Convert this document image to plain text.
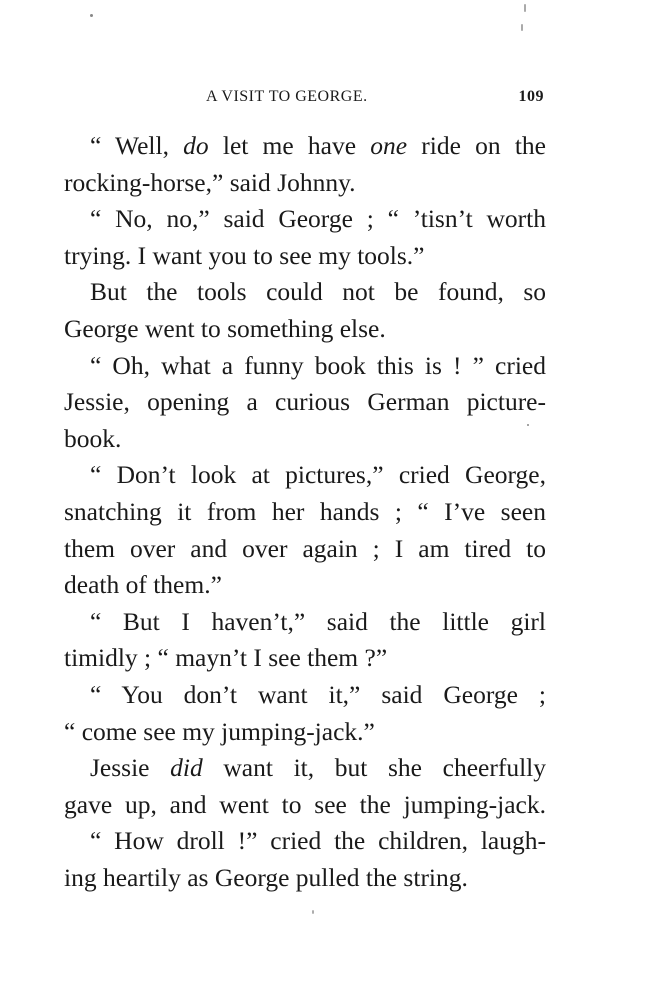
A VISIT TO GEORGE.	109
“ Well, do let me have one ride on the
rocking-horse,” said Johnny.
“ No, no,” said George ; “ ’tisn’t worth
trying. I want you to see my tools.”
But the tools could not be found, so
George went to something else.
“ Oh, what a funny book this is ! ” cried
Jessie, opening a curious German picture-
book.
“ Don’t look at pictures,” cried George,
snatching it from her hands ; “ I’ve seen
them over and over again ; I am tired to
death of them.”
“ But I haven’t,” said the little girl
timidly ; “ mayn’t I see them ?”
“ You don’t want it,” said George ;
“ come see my jumping-jack.”
Jessie did want it, but she cheerfully
gave up, and went to see the jumping-jack.
“ How droll !” cried the children, laugh-
ing heartily as George pulled the string.
